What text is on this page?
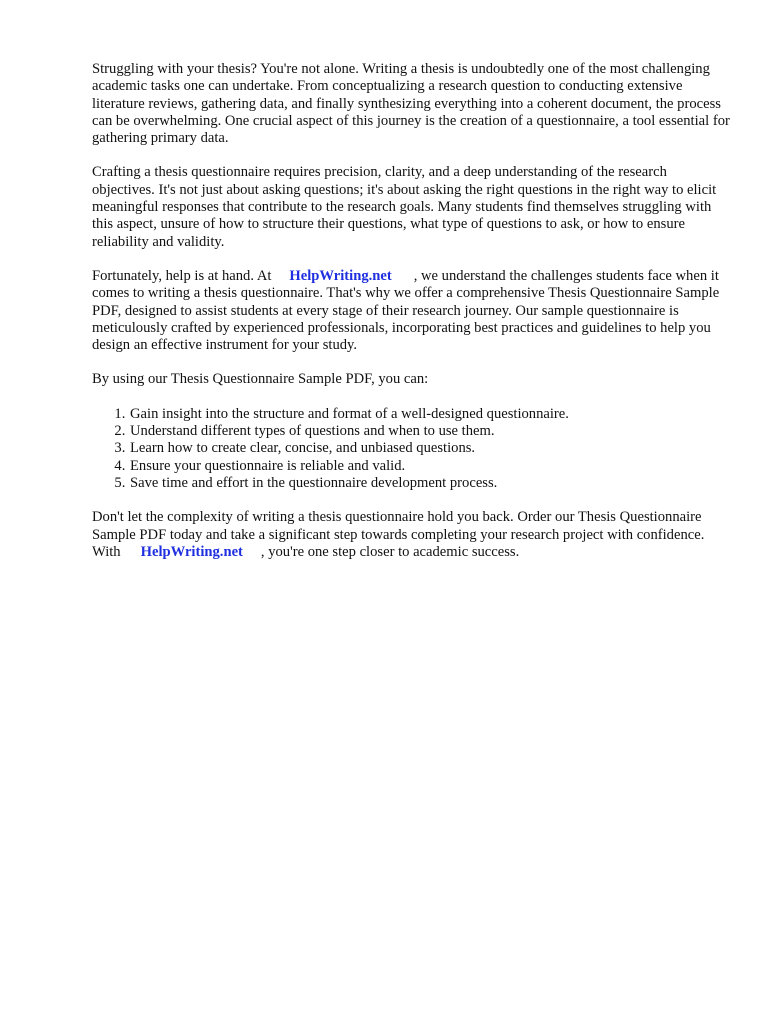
Struggling with your thesis? You're not alone. Writing a thesis is undoubtedly one of the most challenging academic tasks one can undertake. From conceptualizing a research question to conducting extensive literature reviews, gathering data, and finally synthesizing everything into a coherent document, the process can be overwhelming. One crucial aspect of this journey is the creation of a questionnaire, a tool essential for gathering primary data.

Crafting a thesis questionnaire requires precision, clarity, and a deep understanding of the research objectives. It's not just about asking questions; it's about asking the right questions in the right way to elicit meaningful responses that contribute to the research goals. Many students find themselves struggling with this aspect, unsure of how to structure their questions, what type of questions to ask, or how to ensure reliability and validity.

Fortunately, help is at hand. At HelpWriting.net , we understand the challenges students face when it comes to writing a thesis questionnaire. That's why we offer a comprehensive Thesis Questionnaire Sample PDF, designed to assist students at every stage of their research journey. Our sample questionnaire is meticulously crafted by experienced professionals, incorporating best practices and guidelines to help you design an effective instrument for your study.

By using our Thesis Questionnaire Sample PDF, you can:

1. Gain insight into the structure and format of a well-designed questionnaire.
2. Understand different types of questions and when to use them.
3. Learn how to create clear, concise, and unbiased questions.
4. Ensure your questionnaire is reliable and valid.
5. Save time and effort in the questionnaire development process.

Don't let the complexity of writing a thesis questionnaire hold you back. Order our Thesis Questionnaire Sample PDF today and take a significant step towards completing your research project with confidence. With HelpWriting.net , you're one step closer to academic success.
